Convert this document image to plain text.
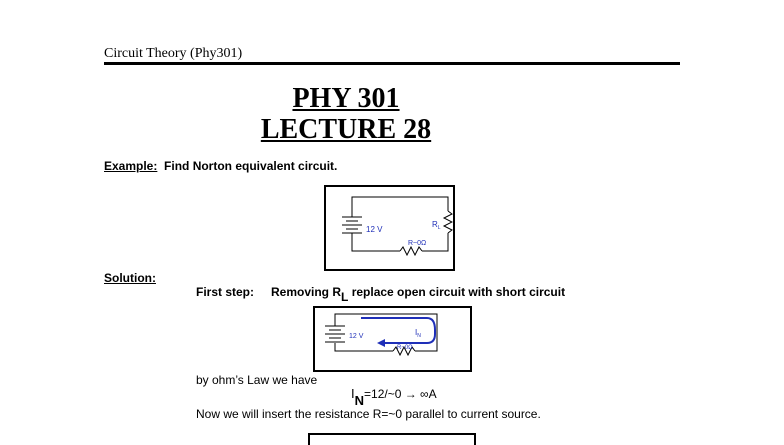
Circuit Theory (Phy301)
PHY 301
LECTURE 28
Example: Find Norton equivalent circuit.
12 V
R~0Ω
$R_L$
Solution:
First step: Removing $R_L$ replace open circuit with short circuit
12 V
R~0Ω
$I_N$
by ohm’s Law we have
$I_N=12/\sim 0 \to \infty A$
Now we will insert the resistance R=~0 parallel to current source.
